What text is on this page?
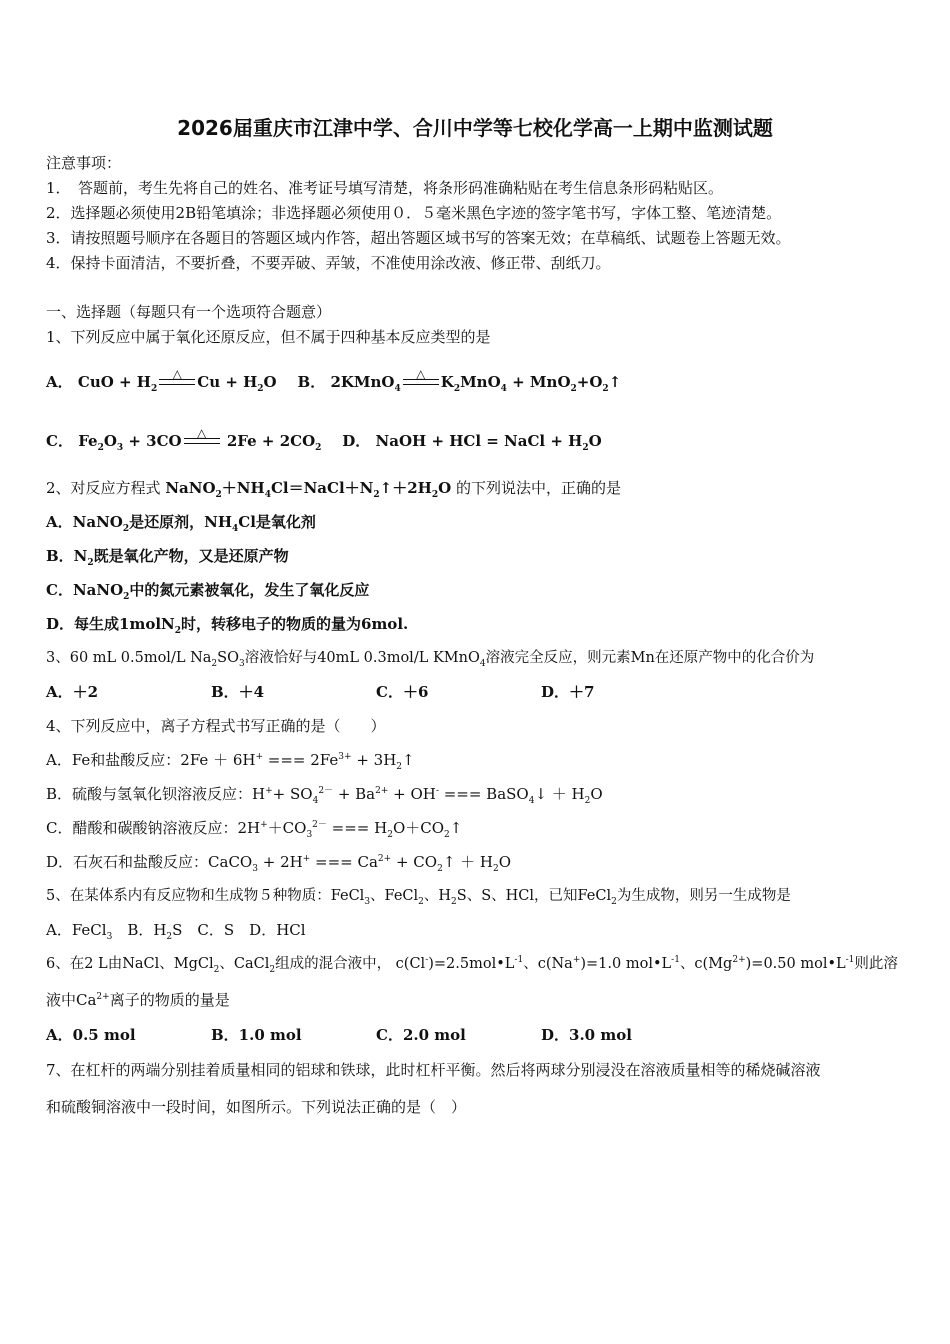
2026届重庆市江津中学、合川中学等七校化学高一上期中监测试题
注意事项：
1．　答题前，考生先将自己的姓名、准考证号填写清楚，将条形码准确粘贴在考生信息条形码粘贴区。
2．选择题必须使用2B铅笔填涂；非选择题必须使用０．５毫米黑色字迹的签字笔书写，字体工整、笔迹清楚。
3．请按照题号顺序在各题目的答题区域内作答，超出答题区域书写的答案无效；在草稿纸、试题卷上答题无效。
4．保持卡面清洁，不要折叠，不要弄破、弄皱，不准使用涂改液、修正带、刮纸刀。
一、选择题（每题只有一个选项符合题意）
1、下列反应中属于氧化还原反应，但不属于四种基本反应类型的是
A． CuO + $H_2$
△	$Cu + H_2O$ B． 2KMnO$_4$
△	$K_2MnO_4$ + $MnO_2+O_2↑$
C． $Fe_2O_3 + 3CO$	△	$2Fe + 2CO_2$ D． NaOH + HCl = NaCl + $H_2O$
2、对反应方程式 $NaNO_2+NH_4Cl=NaCl+N_2↑+2H_2O$ 的下列说法中，正确的是
A．NaNO$_2$是还原剂，$NH_4Cl$是氧化剂
B．$N_2$既是氧化产物，又是还原产物
C．NaNO$_2$中的氮元素被氧化，发生了氧化反应
D．每生成1molN$_2$时，转移电子的物质的量为6mol.
3、60 mL 0.5mol/L $Na_2SO_3$溶液恰好与40mL 0.3mol/L KMnO$_4$溶液完全反应，则元素Mn在还原产物中的化合价为
A．＋2	B．＋4	C．＋6	D．＋7
4、下列反应中，离子方程式书写正确的是（　　）
A．Fe和盐酸反应：2Fe ＋ 6H+ === $2Fe^{3+}$ + $3H_2↑$
B．硫酸与氢氧化钡溶液反应：$H^++ SO_4^{2-} + Ba^{2+} + OH^-$ === BaSO$_4$↓ ＋ $H_2O$
C．醋酸和碳酸钠溶液反应：$2H^++CO_3^{2-}$ === $H_2O+CO_2↑$
D．石灰石和盐酸反应：CaCO$_3$ + 2H+ === $Ca^{2+}$ + $CO_2↑ + H_2O$
5、在某体系内有反应物和生成物５种物质：FeCl$_3$、FeCl$_2$、$H_2S$、S、HCl，已知FeCl$_2$为生成物，则另一生成物是
A．FeCl$_3$　B．$H_2S$　C．S　D．HCl
6、在2 L由NaCl、MgCl$_2$、CaCl$_2$组成的混合液中， $c(Cl^-)=2.5mol•L^{-1}$、c(Na+)=1.0 $mol•L^{-1}$、$c(Mg^{2+})=0.50$ $mol•L^{-1}$则此溶
液中$Ca^{2+}$离子的物质的量是
A．0.5 mol	B．1.0 mol	C．2.0 mol	D．3.0 mol
7、在杠杆的两端分别挂着质量相同的铝球和铁球，此时杠杆平衡。然后将两球分别浸没在溶液质量相等的稀烧碱溶液
和硫酸铜溶液中一段时间，如图所示。下列说法正确的是（　）
